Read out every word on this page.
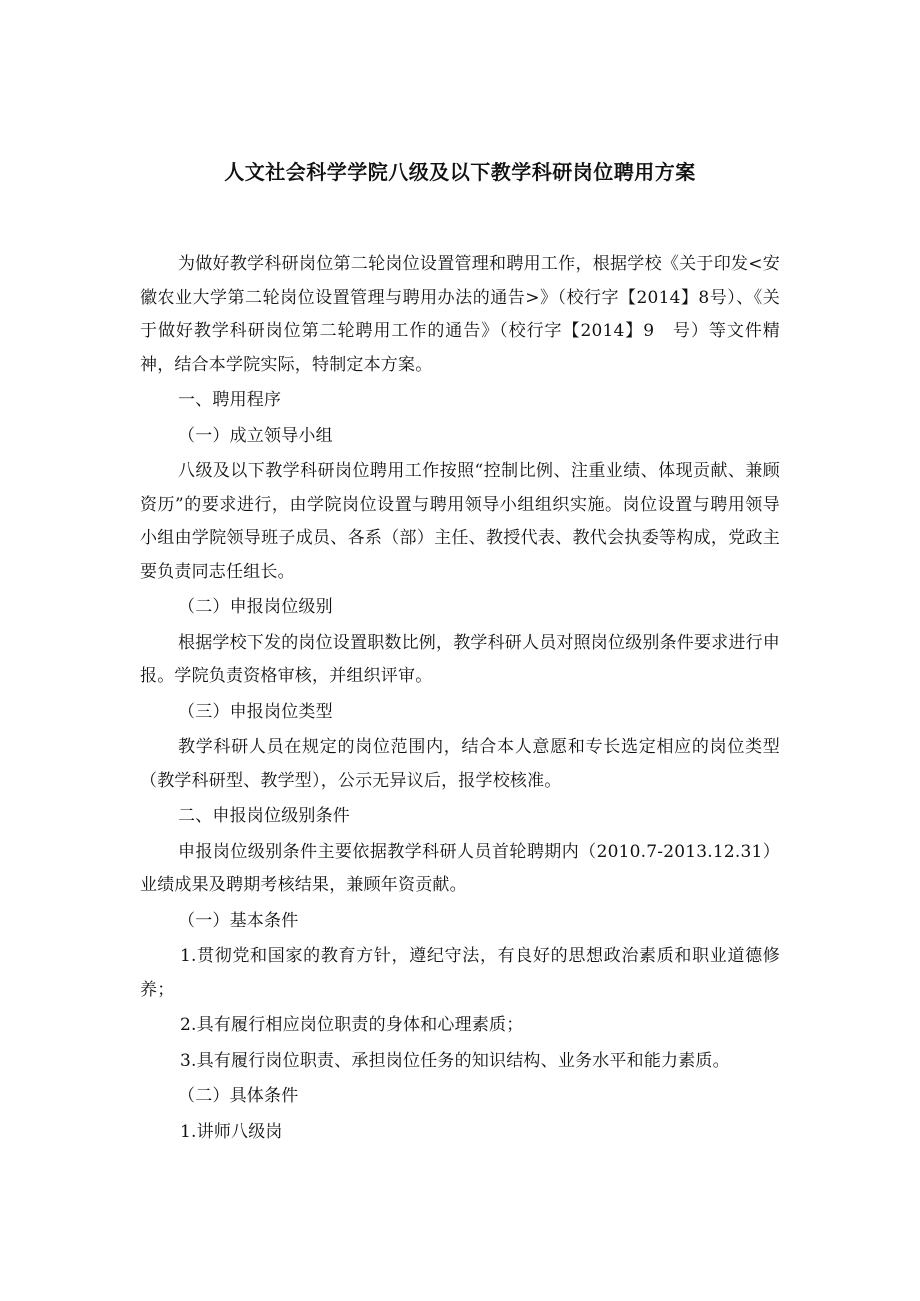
人文社会科学学院八级及以下教学科研岗位聘用方案

为做好教学科研岗位第二轮岗位设置管理和聘用工作，根据学校《关于印发<安徽农业大学第二轮岗位设置管理与聘用办法的通告>》（校行字【2014】8号）、《关于做好教学科研岗位第二轮聘用工作的通告》（校行字【2014】9　号）等文件精神，结合本学院实际，特制定本方案。

一、聘用程序

（一）成立领导小组

八级及以下教学科研岗位聘用工作按照“控制比例、注重业绩、体现贡献、兼顾资历”的要求进行，由学院岗位设置与聘用领导小组组织实施。岗位设置与聘用领导小组由学院领导班子成员、各系（部）主任、教授代表、教代会执委等构成，党政主要负责同志任组长。

（二）申报岗位级别

根据学校下发的岗位设置职数比例，教学科研人员对照岗位级别条件要求进行申报。学院负责资格审核，并组织评审。

（三）申报岗位类型

教学科研人员在规定的岗位范围内，结合本人意愿和专长选定相应的岗位类型（教学科研型、教学型），公示无异议后，报学校核准。

二、申报岗位级别条件

申报岗位级别条件主要依据教学科研人员首轮聘期内（2010.7-2013.12.31）业绩成果及聘期考核结果，兼顾年资贡献。

（一）基本条件

1.贯彻党和国家的教育方针，遵纪守法，有良好的思想政治素质和职业道德修养；

2.具有履行相应岗位职责的身体和心理素质；

3.具有履行岗位职责、承担岗位任务的知识结构、业务水平和能力素质。

（二）具体条件

1.讲师八级岗
